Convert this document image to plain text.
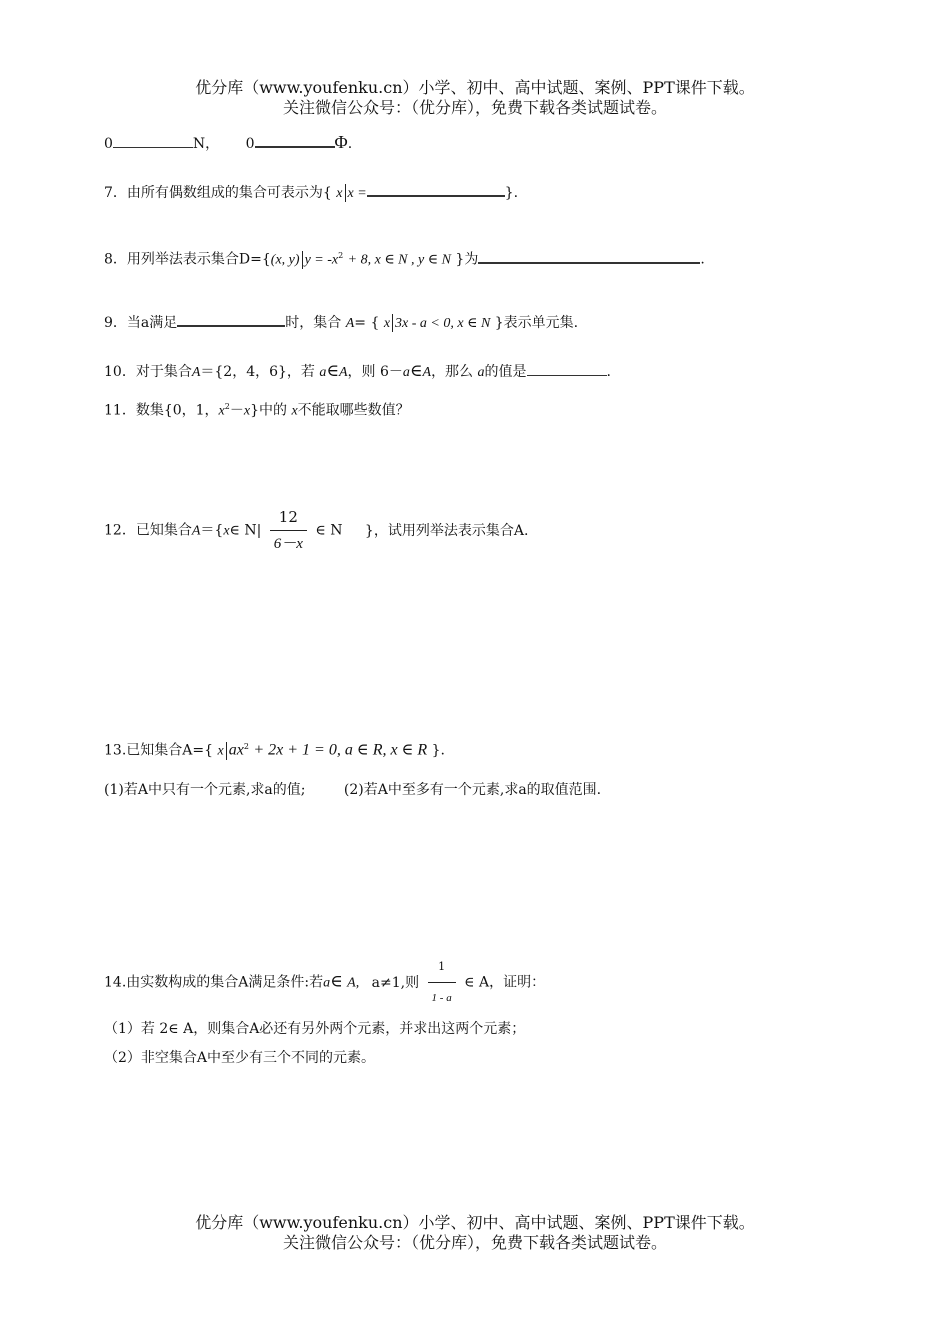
优分库（www.youfenku.cn）小学、初中、高中试题、案例、PPT课件下载。
关注微信公众号：（优分库），免费下载各类试题试卷。
0	N， 0	Φ.
7．由所有偶数组成的集合可表示为{ x x =	}.
8．用列举法表示集合D={(x, y) $y = -x^2 + 8$, x ∈ N , y ∈ N }为	.
9．当a满足	时，集合 A= { x 3x - a < 0, x ∈ N }表示单元集.
10．对于集合A＝{2，4，6}，若 a∈A，则 6－a∈A，那么 a的值是	.
11．数集{0，1，$x^2-x$}中的 x不能取哪些数值？
12．已知集合A＝{x∈ $N| \frac{12}{6-x}$ ∈ N }，试用列举法表示集合A.
13.已知集合A={ x $ax^2 + 2x + 1 = 0$, a ∈ R, x ∈ R }.
(1)若A中只有一个元素,求a的值;	(2)若A中至多有一个元素,求a的取值范围.
14.由实数构成的集合A满足条件:若a∈ A, a≠1,则 $\frac{1}{1 - a}$ ∈ A，证明：
（1）若 2∈ A，则集合A必还有另外两个元素，并求出这两个元素；
（2）非空集合A中至少有三个不同的元素。
优分库（www.youfenku.cn）小学、初中、高中试题、案例、PPT课件下载。
关注微信公众号：（优分库），免费下载各类试题试卷。
